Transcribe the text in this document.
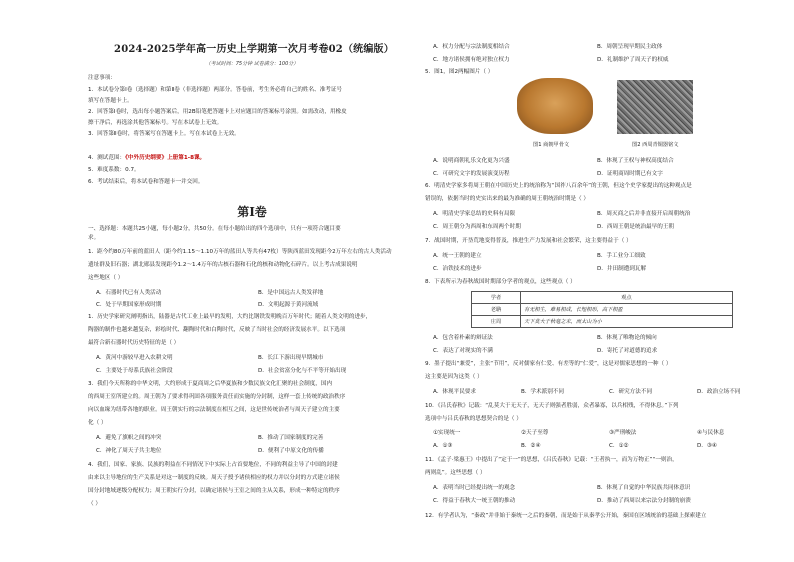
2024-2025学年高一历史上学期第一次月考卷02（统编版）
（考试时间：75分钟 试卷满分：100分）
注意事项：
1．本试卷分第Ⅰ卷（选择题）和第Ⅱ卷（非选择题）两部分。答卷前，考生务必将自己的姓名、准考证号
填写在答题卡上。
2．回答第Ⅰ卷时，选出每小题答案后，用2B铅笔把答题卡上对应题目的答案标号涂黑。如需改动，用橡皮
擦干净后，再选涂其他答案标号。写在本试卷上无效。
3．回答第Ⅱ卷时，将答案写在答题卡上。写在本试卷上无效。
4．测试范围：《中外历史纲要》上册第1-8课。
5．难度系数：0.7。
6．考试结束后，将本试卷和答题卡一并交回。
第Ⅰ卷
一、选择题：本题共25小题，每小题2分，共50分。在每小题给出的四个选项中，只有一项符合题目要
求。
1．距今约80万年前的蓝田人（距今约1.15～1.10万年的蓝田人等共有47枚）等陕西蓝田发现距今2万年左右的古人类活动
遗址群及旧石器；湖北郧县发现距今1.2～1.4万年的古核石器和石化的核和动物化石碎片。以上考古成果说明
这些地区（ ）
A．石器时代已有人类活动	B．是中国远古人类发祥地
C．处于早期国家形成时期	D．文明起源于黄河流域
1．历史学家研究阐明指出，陆器是古代工业上最早的发明，大约比钢铁发明晚百万年时代；随着人类文明的进步，
陶器的制作也越来越复杂，彩绘时代、翻陶时代和白陶时代，反映了当时社会的经济发展水平。以下选项
最符合新石器时代历史特征的是（ ）
A．黄河中游较早进入农耕文明	B．长江下游出现早期城市
C．主要处于母系氏族社会阶段	D．社会贫富分化与不平等开始出现
3．我们今天所称的中华文明，大约形成于夏商周之后华夏族和少数民族文化汇聚的社会制度，国内
的西周王室所建立的。周王朝为了要求得巩固各项服务责任而实施的分封制，这样一套上传统的政治秩序
向以血缘为纽带各地的职业。周王朝实行的宗法制度在相互之间，这是世传统治者与周天子建立的主要
化（ ）
A．避免了旗帜之间的冲突	B．推动了国家制度的完善
C．神化了周天子共主地位	D．便利了中原文化的传播
4．我们，国家、家族、民族的利益在不同情况下中实际上占首要地位，不同的利益主导了中国的封建
由来以主导地位的生产关系是对这一制度的反映。周天子授予诸侯相应的权力并以分封的方式建立诸侯
国分封地域逐级分配权力；周王朝实行分封，以确定诸侯与王室之间的主从关系，形成一种特定的秩序
（ ）
A．权力分配与宗法制度相结合	B．周朝呈现早期民主政体
C．地方诸侯拥有绝对独立权力	D．礼制维护了周天子的权威
5．图1，图2两幅图片（ ）
图1 商朝甲骨文	图2 西周青铜器铭文
A．说明商朝礼乐文化更为兴盛	B．体现了王权与神权高度结合
C．可研究文字的发展演变历程	D．证明商周时期已有文字
6．明清史学家多将周王朝在中国历史上的统治称为“国祚八百余年”的王朝，但这个史学家提出的这种观点是
错误的，依据当时的史实出来的最为准确的周王朝统治时期是（ ）
A．明清史学家总结的史料有局限	B．周灭商之后并非直接开启周朝统治
C．周王朝分为西周和东周两个时期	D．西周王朝是统治最早的王朝
7．战国时期，开垦荒地变得普及，推进生产力发展和社会繁荣，这主要得益于（ ）
A．统一王朝的建立	B．手工业分工细致
C．冶铁技术的进步	D．井田制遭到瓦解
8．下表所示为春秋战国时期部分学者的观点，这些观点（ ）
学者	观点
老聃	有无相生，难易相成，长短相形，高下相盈
庄周	天下莫大于秋毫之末，而太山为小
A．包含着朴素的辩证法	B．体现了唯物论的倾向
C．表达了对现实的不满	D．寄托了对道德的追求
9．墨子提出“兼爱”，主张“节用”，反对儒家有仁爱、有差等的“仁爱”，这是对儒家思想的一种（ ）
这主要是因为这类（ ）
A．体现平民要求	B．学术派别不同	C．研究方法不同	D．政治立场不同
10．《吕氏春秋》记载：“乱莫大于无天子，无天子则强者胜弱，众者暴寡，以兵相残，不得休息。”下列
选项中与吕氏春秋的思想契合的是（ ）
①实现统一	②天子至尊	③严刑峻法	④与民休息
A．①③	B．②④	C．①②	D．③④
11．《孟子·梁惠王》中提出了“定于一”的思想，《吕氏春秋》记载：“王者执一，而为万物正”“一则治，
两则乱”。这些思想（ ）
A．表明当时已经提出统一的观念	B．体现了自觉的中华民族共同体意识
C．得益于春秋大一统王朝的推动	D．推动了西周以来宗法分封制的崩溃
12．有学者认为，“秦政”并非始于秦统一之后的秦朝，而是始于从秦孝公开始，秦国在区域统治的基础上探索建立
